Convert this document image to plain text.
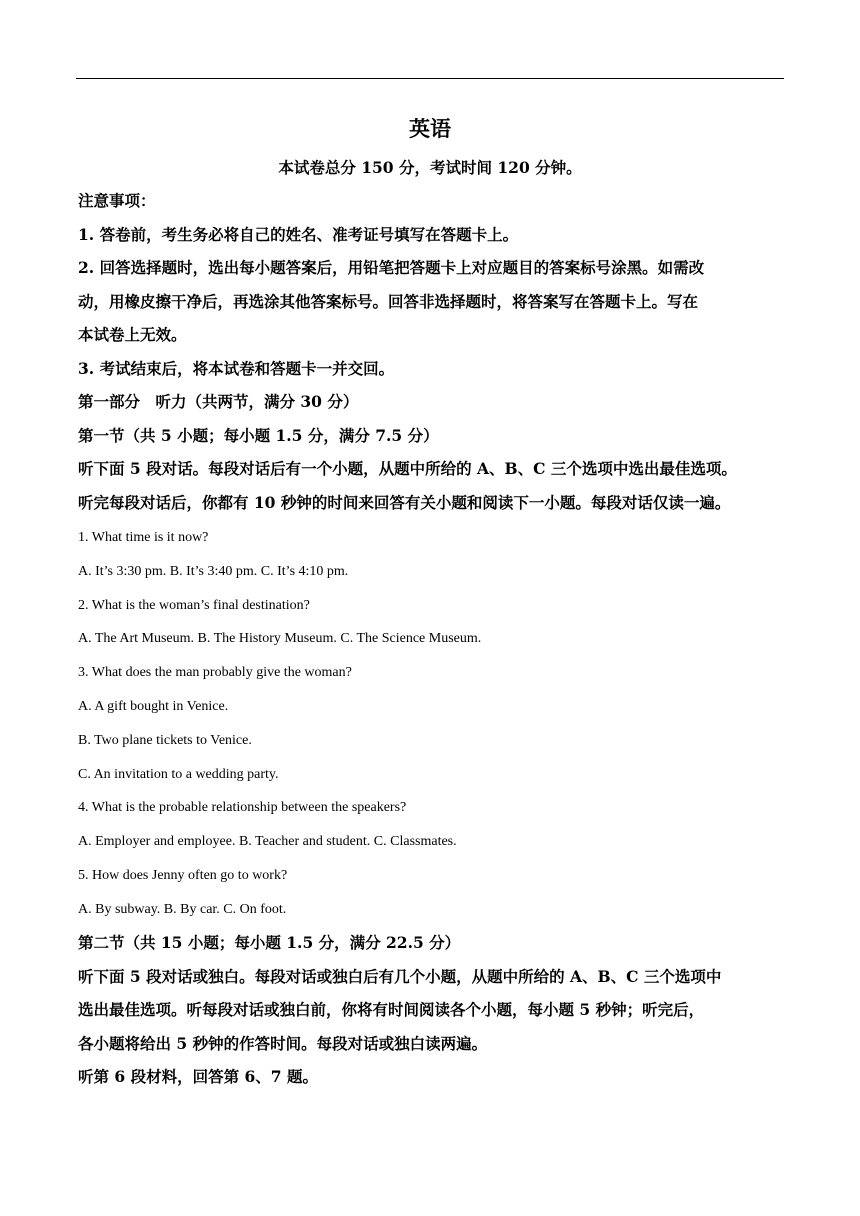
英语
本试卷总分 150 分，考试时间 120 分钟。
注意事项：
1. 答卷前，考生务必将自己的姓名、准考证号填写在答题卡上。
2. 回答选择题时，选出每小题答案后，用铅笔把答题卡上对应题目的答案标号涂黑。如需改
动，用橡皮擦干净后，再选涂其他答案标号。回答非选择题时，将答案写在答题卡上。写在
本试卷上无效。
3. 考试结束后，将本试卷和答题卡一并交回。
第一部分　听力（共两节，满分 30 分）
第一节（共 5 小题；每小题 1.5 分，满分 7.5 分）
听下面 5 段对话。每段对话后有一个小题，从题中所给的 A、B、C 三个选项中选出最佳选项。
听完每段对话后，你都有 10 秒钟的时间来回答有关小题和阅读下一小题。每段对话仅读一遍。
1. What time is it now?
A. It’s 3:30 pm. B. It’s 3:40 pm. C. It’s 4:10 pm.
2. What is the woman’s final destination?
A. The Art Museum. B. The History Museum. C. The Science Museum.
3. What does the man probably give the woman?
A. A gift bought in Venice.
B. Two plane tickets to Venice.
C. An invitation to a wedding party.
4. What is the probable relationship between the speakers?
A. Employer and employee. B. Teacher and student. C. Classmates.
5. How does Jenny often go to work?
A. By subway. B. By car. C. On foot.
第二节（共 15 小题；每小题 1.5 分，满分 22.5 分）
听下面 5 段对话或独白。每段对话或独白后有几个小题，从题中所给的 A、B、C 三个选项中
选出最佳选项。听每段对话或独白前，你将有时间阅读各个小题，每小题 5 秒钟；听完后，
各小题将给出 5 秒钟的作答时间。每段对话或独白读两遍。
听第 6 段材料，回答第 6、7 题。
